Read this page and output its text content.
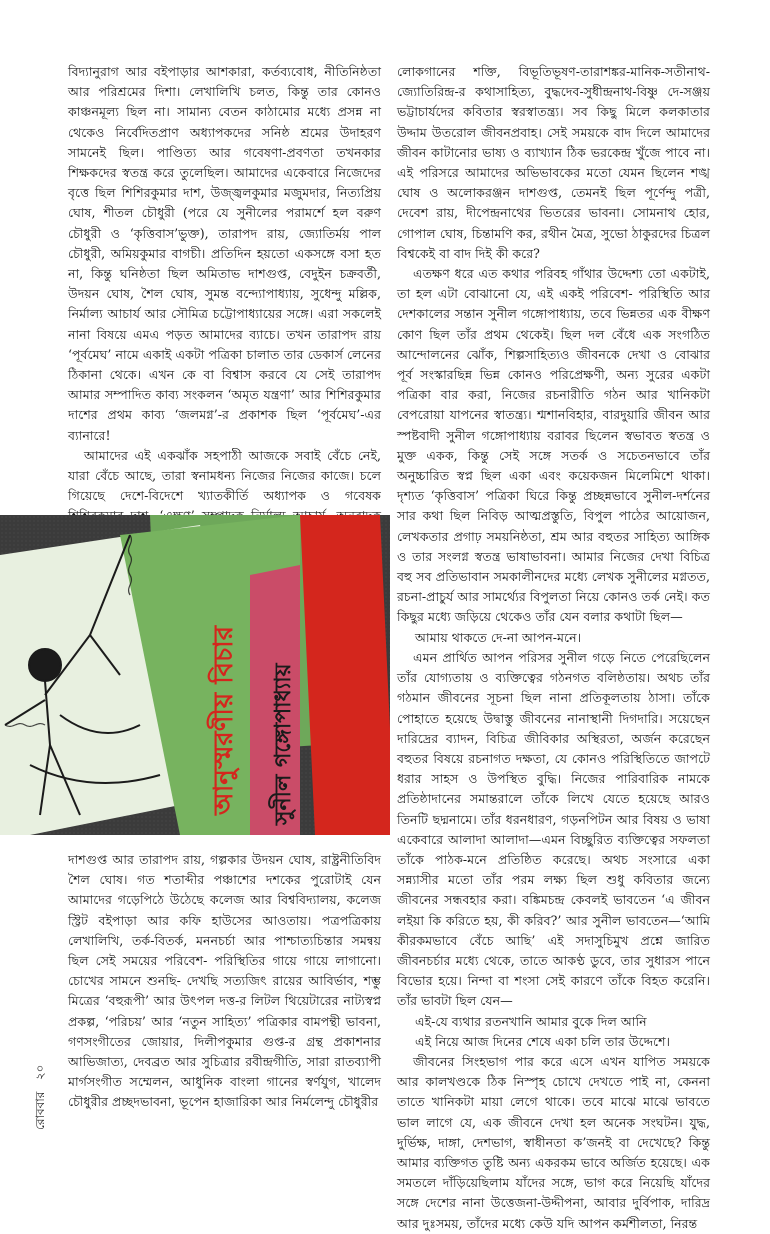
বিদ্যানুরাগ আর বইপাড়ার আশকারা, কর্তব্যবোধ, নীতিনিষ্ঠতা আর পরিশ্রমের দিশা। লেখালিখি চলত, কিন্তু তার কোনও কাঞ্চনমূল্য ছিল না। সামান্য বেতন কাঠামোর মধ্যে প্রসন্ন না থেকেও নির্বেদিতপ্রাণ অধ্যাপকদের সনিষ্ঠ শ্রমের উদাহরণ সামনেই ছিল। পাণ্ডিত্য আর গবেষণা-প্রবণতা তখনকার শিক্ষকদের স্বতন্ত্র করে তুলেছিল। আমাদের একেবারে নিজেদের বৃত্তে ছিল শিশিরকুমার দাশ, উজ্জ্বলকুমার মজুমদার, নিত্যপ্রিয় ঘোষ, শীতল চৌধুরী (পরে যে সুনীলের পরামর্শে হল বরুণ চৌধুরী ও ‘কৃত্তিবাস’ভুক্ত), তারাপদ রায়, জ্যোতির্ময় পাল চৌধুরী, অমিয়কুমার বাগচী। প্রতিদিন হয়তো একসঙ্গে বসা হত না, কিন্তু ঘনিষ্ঠতা ছিল অমিতাভ দাশগুপ্ত, বেদুইন চক্রবর্তী, উদয়ন ঘোষ, শৈল ঘোষ, সুমন্ত বন্দ্যোপাধ্যায়, সুধেন্দু মল্লিক, নির্মাল্য আচার্য আর সৌমিত্র চট্টোপাধ্যায়ের সঙ্গে। এরা সকলেই নানা বিষয়ে এমএ পড়ত আমাদের ব্যাচে। তখন তারাপদ রায় ‘পূর্বমেঘ’ নামে একাই একটা পত্রিকা চালাত তার ডেকার্স লেনের ঠিকানা থেকে। এখন কে বা বিশ্বাস করবে যে সেই তারাপদ আমার সম্পাদিত কাব্য সংকলন ‘অমৃত যন্ত্রণা’ আর শিশিরকুমার দাশের প্রথম কাব্য ‘জলমগ্ন’-র প্রকাশক ছিল ‘পূর্বমেঘ’-এর ব্যানারে!

আমাদের এই একঝাঁক সহপাঠী আজকে সবাই বেঁচে নেই, যারা বেঁচে আছে, তারা স্বনামধন্য নিজের নিজের কাজে। চলে গিয়েছে দেশে-বিদেশে খ্যাতকীর্তি অধ্যাপক ও গবেষক

আনুস্মরণীয় বিচার সুনীল গঙ্গোপাধ্যায়

দাশগুপ্ত আর তারাপদ রায়, গল্পকার উদয়ন ঘোষ, রাষ্ট্রনীতিবিদ শৈল ঘোষ। গত শতাব্দীর পঞ্চাশের দশকের পুরোটাই যেন আমাদের গড়েপিঠে উঠেছে কলেজ আর বিশ্ববিদ্যালয়, কলেজ স্ট্রিট বইপাড়া আর কফি হাউসের আওতায়। পত্রপত্রিকায় লেখালিখি, তর্ক-বিতর্ক, মননচর্চা আর পাশ্চাত্যচিন্তার সমন্বয় ছিল সেই সময়ের পরিবেশ- পরিস্থিতির গায়ে গায়ে লাগানো। চোখের সামনে শুনছি- দেখছি সত্যজিৎ রায়ের আবির্ভাব, শম্ভু মিত্রের ‘বহুরূপী’ আর উৎপল দত্ত-র লিটল থিয়েটারের নাট্যস্বপ্ন প্রকল্প, ‘পরিচয়’ আর ‘নতুন সাহিত্য’ পত্রিকার বামপন্থী ভাবনা, গণসংগীতের জোয়ার, দিলীপকুমার গুপ্ত-র গ্রন্থ প্রকাশনার আভিজাত্য, দেবব্রত আর সুচিত্রার রবীন্দ্রগীতি, সারা রাতব্যাপী মার্গসংগীত সম্মেলন, আধুনিক বাংলা গানের স্বর্ণযুগ, খালেদ চৌধুরীর প্রচ্ছদভাবনা, ভূপেন হাজারিকা আর নির্মলেন্দু চৌধুরীর

লোকগানের শক্তি, বিভূতিভূষণ-তারাশঙ্কর-মানিক-সতীনাথ-জ্যোতিরিন্দ্র-র কথাসাহিত্য, বুদ্ধদেব-সুধীন্দ্রনাথ-বিষ্ণু দে-সঞ্জয় ভট্টাচার্যদের কবিতার স্বরস্বাতন্ত্র্য। সব কিছু মিলে কলকাতার উদ্দাম উতরোল জীবনপ্রবাহ। সেই সময়কে বাদ দিলে আমাদের জীবন কাটানোর ভাষ্য ও ব্যাখ্যান ঠিক ভরকেন্দ্র খুঁজে পাবে না। এই পরিসরে আমাদের অভিভাবকের মতো যেমন ছিলেন শঙ্খ ঘোষ ও অলোকরঞ্জন দাশগুপ্ত, তেমনই ছিল পূর্ণেন্দু পত্রী, দেবেশ রায়, দীপেন্দ্রনাথের ভিতরের ভাবনা। সোমনাথ হোর, গোপাল ঘোষ, চিন্তামণি কর, রথীন মৈত্র, সুভো ঠাকুরদের চিত্রল বিশ্বকেই বা বাদ দিই কী করে?

এতক্ষণ ধরে এত কথার পরিবহ গাঁথার উদ্দেশ্য তো একটাই, তা হল এটা বোঝানো যে, এই একই পরিবেশ- পরিস্থিতি আর দেশকালের সন্তান সুনীল গঙ্গোপাধ্যায়, তবে ভিন্নতর এক বীক্ষণ কোণ ছিল তাঁর প্রথম থেকেই। ছিল দল বেঁধে এক সংগঠিত আন্দোলনের ঝোঁক, শিল্পসাহিত্যও জীবনকে দেখা ও বোঝার পূর্ব সংস্কারছিন্ন ভিন্ন কোনও পরিপ্রেক্ষণী, অন্য সুরের একটা পত্রিকা বার করা, নিজের রচনারীতি গঠন আর খানিকটা বেপরোয়া যাপনের স্বাতন্ত্র্য। শ্মশানবিহার, বারদুয়ারি জীবন আর স্পষ্টবাদী সুনীল গঙ্গোপাধ্যায় বরাবর ছিলেন স্বভাবত স্বতন্ত্র ও মুক্ত একক, কিন্তু সেই সঙ্গে সতর্ক ও সচেতনভাবে তাঁর অনুচ্চারিত স্বপ্ন ছিল একা এবং কয়েকজন মিলেমিশে থাকা। দৃশ্যত ‘কৃত্তিবাস’ পত্রিকা ঘিরে কিন্তু প্রচ্ছন্নভাবে সুনীল-দর্শনের সার কথা ছিল নিবিড় আত্মপ্রস্তুতি, বিপুল পাঠের আয়োজন, লেখকতার প্রগাঢ় সময়নিষ্ঠতা, শ্রম আর বহুতর সাহিত্য আঙ্গিক ও তার সংলগ্ন স্বতন্ত্র ভাষাভাবনা। আমার নিজের দেখা বিচিত্র বহু সব প্রতিভাবান সমকালীনদের মধ্যে লেখক সুনীলের মগ্নতত, রচনা-প্রাচুর্য আর সামর্থ্যের বিপুলতা নিয়ে কোনও তর্ক নেই। কত কিছুর মধ্যে জড়িয়ে থেকেও তাঁর যেন বলার কথাটা ছিল—

আমায় থাকতে দে-না আপন-মনে।

এমন প্রার্থিত আপন পরিসর সুনীল গড়ে নিতে পেরেছিলেন তাঁর যোগ্যতায় ও ব্যক্তিত্বের গঠনগত বলিষ্ঠতায়। অথচ তাঁর গঠমান জীবনের সূচনা ছিল নানা প্রতিকূলতায় ঠাসা। তাঁকে পোহাতে হয়েছে উদ্বাস্তু জীবনের নানাস্থানী দিগদারি। সয়েছেন দারিদ্রের ব্যাদন, বিচিত্র জীবিকার অস্থিরতা, অর্জন করেছেন বহুতর বিষয়ে রচনাগত দক্ষতা, যে কোনও পরিস্থিতিতে জাপটে ধরার সাহস ও উপস্থিত বুদ্ধি। নিজের পারিবারিক নামকে প্রতিষ্ঠাদানের সমান্তরালে তাঁকে লিখে যেতে হয়েছে আরও তিনটি ছদ্মনামে। তাঁর ধরনধারণ, গড়নপিটন আর বিষয় ও ভাষা একেবারে আলাদা আলাদা—এমন বিচ্ছুরিত ব্যক্তিত্বের সফলতা তাঁকে পাঠক-মনে প্রতিষ্ঠিত করেছে। অথচ সংসারে একা সন্ন্যাসীর মতো তাঁর পরম লক্ষ্য ছিল শুধু কবিতার জন্যে জীবনের সন্ধবহার করা। বঙ্কিমচন্দ্র কেবলই ভাবতেন ‘এ জীবন লইয়া কি করিতে হয়, কী করিব?’ আর সুনীল ভাবতেন—‘আমি কীরকমভাবে বেঁচে আছি’ এই সদাসুচিমুখ প্রশ্নে জারিত জীবনচর্চার মধ্যে থেকে, তাতে আকণ্ঠ ডুবে, তার সুধারস পানে বিভোর হয়ে। নিন্দা বা শংসা সেই কারণে তাঁকে বিহত করেনি। তাঁর ভাবটা ছিল যেন—

এই-যে ব্যথার রতনখানি আমার বুকে দিল আনি

এই নিয়ে আজ দিনের শেষে একা চলি তার উদ্দেশে।

জীবনের সিংহভাগ পার করে এসে এখন যাপিত সময়কে আর কালখণ্ডকে ঠিক নিস্পৃহ চোখে দেখতে পাই না, কেননা তাতে খানিকটা মায়া লেগে থাকে। তবে মাঝে মাঝে ভাবতে ভাল লাগে যে, এক জীবনে দেখা হল অনেক সংঘটন। যুদ্ধ, দুর্ভিক্ষ, দাঙ্গা, দেশভাগ, স্বাধীনতা ক’জনই বা দেখেছে? কিন্তু আমার ব্যক্তিগত তুষ্টি অন্য একরকম ভাবে অর্জিত হয়েছে। এক সমতলে দাঁড়িয়েছিলাম যাঁদের সঙ্গে, ভাগ করে নিয়েছি যাঁদের সঙ্গে দেশের নানা উত্তেজনা-উদ্দীপনা, আবার দুর্বিপাক, দারিদ্র আর দুঃসময়, তাঁদের মধ্যে কেউ যদি আপন কর্মশীলতা, নিরন্ত

রোববার   ২০
